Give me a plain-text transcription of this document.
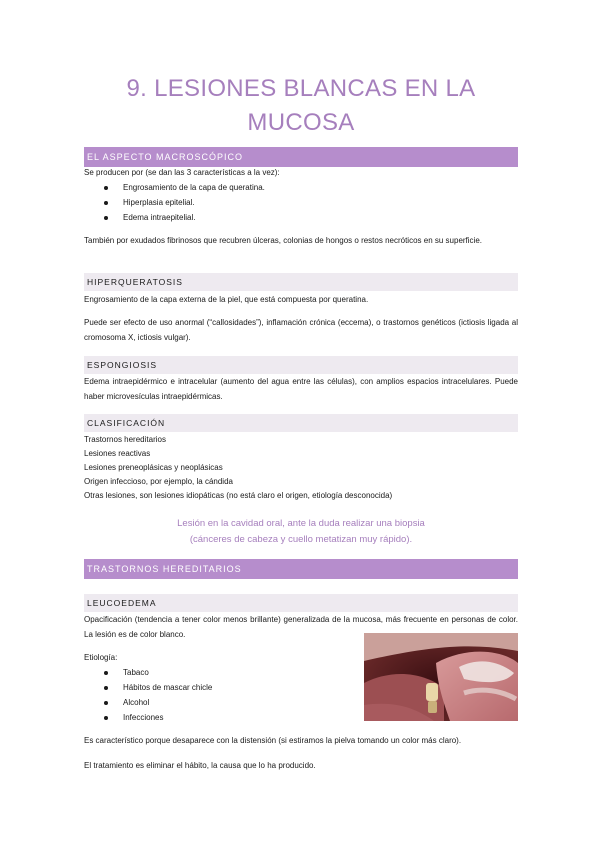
9. LESIONES BLANCAS EN LA MUCOSA
EL ASPECTO MACROSCÓPICO
Se producen por (se dan las 3 características a la vez):
Engrosamiento de la capa de queratina.
Hiperplasia epitelial.
Edema intraepitelial.
También por exudados fibrinosos que recubren úlceras, colonias de hongos o restos necróticos en su superficie.
HIPERQUERATOSIS
Engrosamiento de la capa externa de la piel, que está compuesta por queratina.
Puede ser efecto de uso anormal (“callosidades”), inflamación crónica (eccema), o trastornos genéticos (ictiosis ligada al cromosoma X, ictiosis vulgar).
ESPONGIOSIS
Edema intraepidérmico e intracelular (aumento del agua entre las células), con amplios espacios intracelulares. Puede haber microvesículas intraepidérmicas.
CLASIFICACIÓN
Trastornos hereditarios
Lesiones reactivas
Lesiones preneoplásicas y neoplásicas
Origen infeccioso, por ejemplo, la cándida
Otras lesiones, son lesiones idiopáticas (no está claro el origen, etiología desconocida)
Lesión en la cavidad oral, ante la duda realizar una biopsia
(cánceres de cabeza y cuello metatizan muy rápido).
TRASTORNOS HEREDITARIOS
LEUCOEDEMA
Opacificación (tendencia a tener color menos brillante) generalizada de la mucosa, más frecuente en personas de color. La lesión es de color blanco.
Etiología:
Tabaco
Hábitos de mascar chicle
Alcohol
Infecciones
Es característico porque desaparece con la distensión (si estiramos la pielva tomando un color más claro).
El tratamiento es eliminar el hábito, la causa que lo ha producido.
